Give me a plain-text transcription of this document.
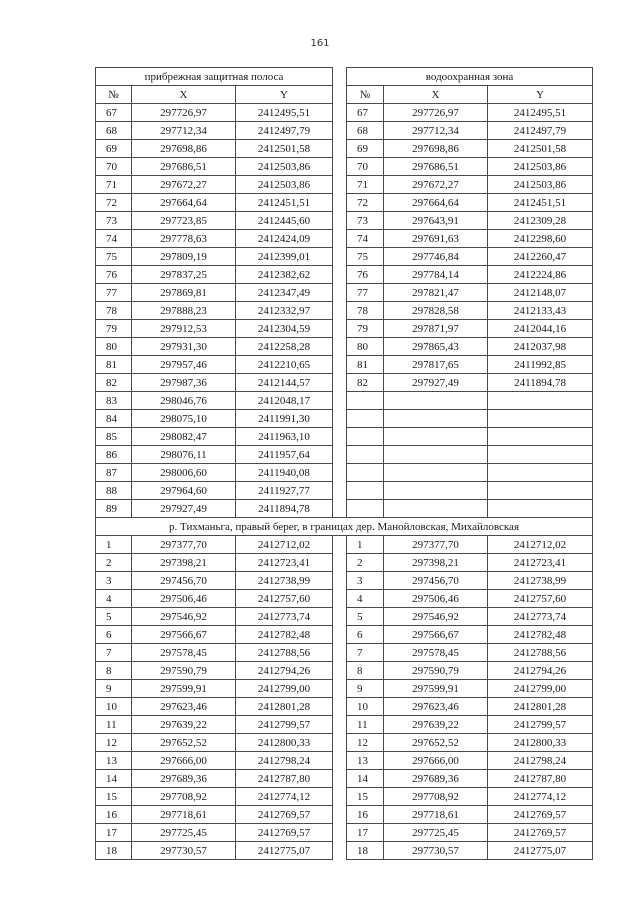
161
прибрежная защитная полоса				водоохранная зона		
№	X	Y		№	X	Y
67	297726,97	2412495,51		67	297726,97	2412495,51
68	297712,34	2412497,79		68	297712,34	2412497,79
69	297698,86	2412501,58		69	297698,86	2412501,58
70	297686,51	2412503,86		70	297686,51	2412503,86
71	297672,27	2412503,86		71	297672,27	2412503,86
72	297664,64	2412451,51		72	297664,64	2412451,51
73	297723,85	2412445,60		73	297643,91	2412309,28
74	297778,63	2412424,09		74	297691,63	2412298,60
75	297809,19	2412399,01		75	297746,84	2412260,47
76	297837,25	2412382,62		76	297784,14	2412224,86
77	297869,81	2412347,49		77	297821,47	2412148,07
78	297888,23	2412332,97		78	297828,58	2412133,43
79	297912,53	2412304,59		79	297871,97	2412044,16
80	297931,30	2412258,28		80	297865,43	2412037,98
81	297957,46	2412210,65		81	297817,65	2411992,85
82	297987,36	2412144,57		82	297927,49	2411894,78
83	298046,76	2412048,17				
84	298075,10	2411991,30				
85	298082,47	2411963,10				
86	298076,11	2411957,64				
87	298006,60	2411940,08				
88	297964,60	2411927,77				
89	297927,49	2411894,78				
р. Тихманьга, правый берег, в границах дер. Манойловская, Михайловская						
1	297377,70	2412712,02		1	297377,70	2412712,02
2	297398,21	2412723,41		2	297398,21	2412723,41
3	297456,70	2412738,99		3	297456,70	2412738,99
4	297506,46	2412757,60		4	297506,46	2412757,60
5	297546,92	2412773,74		5	297546,92	2412773,74
6	297566,67	2412782,48		6	297566,67	2412782,48
7	297578,45	2412788,56		7	297578,45	2412788,56
8	297590,79	2412794,26		8	297590,79	2412794,26
9	297599,91	2412799,00		9	297599,91	2412799,00
10	297623,46	2412801,28		10	297623,46	2412801,28
11	297639,22	2412799,57		11	297639,22	2412799,57
12	297652,52	2412800,33		12	297652,52	2412800,33
13	297666,00	2412798,24		13	297666,00	2412798,24
14	297689,36	2412787,80		14	297689,36	2412787,80
15	297708,92	2412774,12		15	297708,92	2412774,12
16	297718,61	2412769,57		16	297718,61	2412769,57
17	297725,45	2412769,57		17	297725,45	2412769,57
18	297730,57	2412775,07		18	297730,57	2412775,07
